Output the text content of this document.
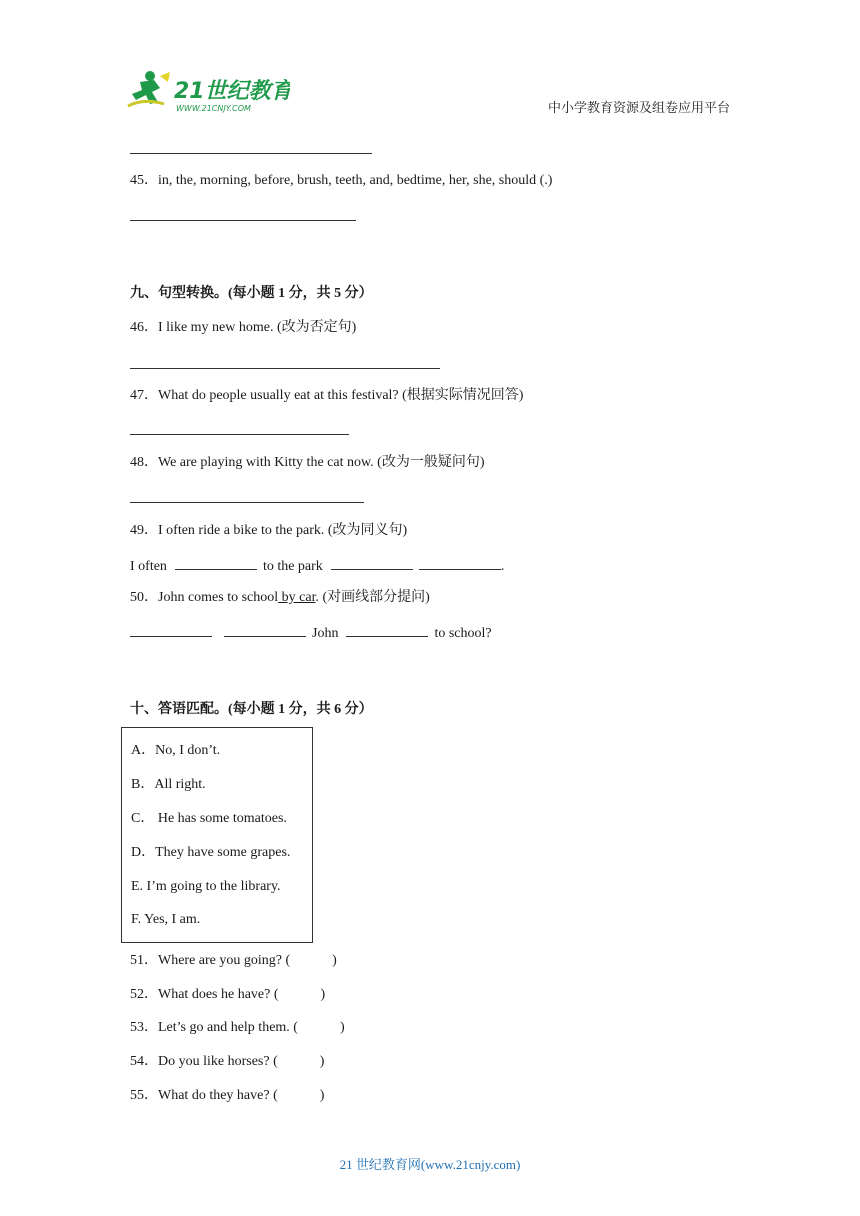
21世纪教育
WWW.21CNJY.COM	中小学教育资源及组卷应用平台
45．in, the, morning, before, brush, teeth, and, bedtime, her, she, should (.)
九、句型转换。(每小题 1 分，共 5 分）
46．I like my new home. (改为否定句)
47．What do people usually eat at this festival? (根据实际情况回答)
48．We are playing with Kitty the cat now. (改为一般疑问句)
49．I often ride a bike to the park. (改为同义句)
I often	to the park	.
50．John comes to school by car. (对画线部分提问)
John	to school?
十、答语匹配。(每小题 1 分，共 6 分）
A．No, I don’t.
B．All right.
C． He has some tomatoes.
D．They have some grapes.
E. I’m going to the library.
F. Yes, I am.
51．Where are you going? (	)
52．What does he have? (	)
53．Let’s go and help them. (	)
54．Do you like horses? (	)
55．What do they have? (	)
21 世纪教育网(www.21cnjy.com)
